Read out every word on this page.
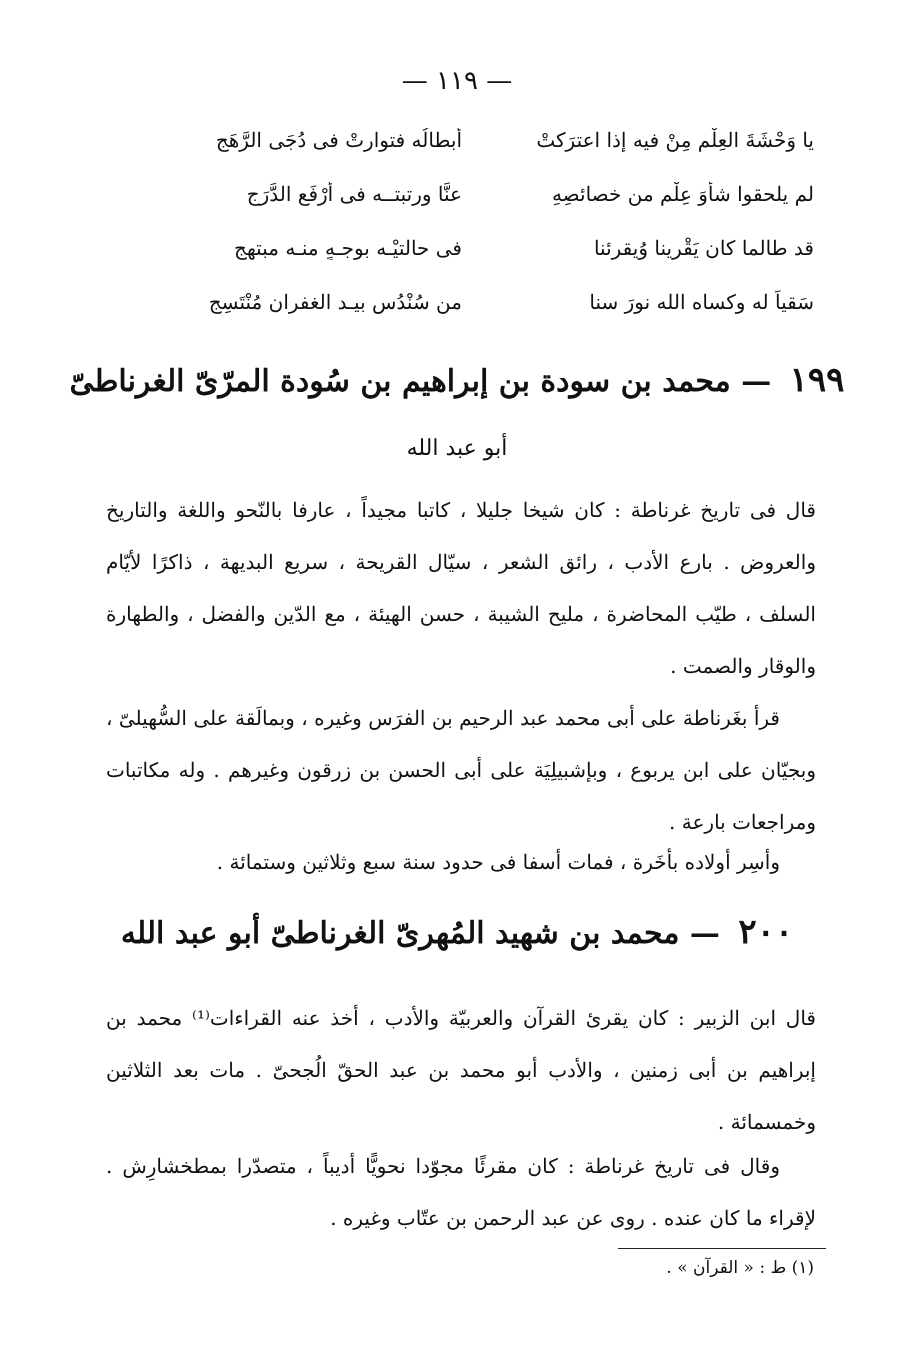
— ١١٩ —
يا وَحْشَةَ العِلْمِ مِنْ فيه إذا اعترَكتْ
أبطالُه فتوارتْ فى دُجَى الرَّهَجِ
لم يلحقوا شأْوَ عِلْمٍ من خصائصِهِ
عنَّا ورتبتــه فى أرْفَعِ الدَّرَجِ
قد طالما كان يَقْرِينا وُيقرئنا
فى حالتيْـه بوجـهٍ منـه مبتهجِ
سَقياً له وكساه الله نورَ سنا
من سُنْدُسٍ بيـد الغفران مُنْتَسِجِ
١٩٩ — محمد بن سودة بن إبراهيم بن سُودة المرّىّ الغرناطىّ
أبو عبد الله
قال فى تاريخ غرناطة : كان شيخا جليلا ، كاتبا مجيداً ، عارفا بالنّحو واللغة والتاريخ والعروض . بارع الأدب ، رائق الشعر ، سيّال القريحة ، سريع البديهة ، ذاكرًا لأيّام السلف ، طيّب المحاضرة ، مليح الشيبة ، حسن الهيئة ، مع الدّين والفضل ، والطهارة والوقار والصمت .
قرأ بغَرناطة على أبى محمد عبد الرحيم بن الفرَس وغيره ، وبمالَقة على السُّهيلىّ ، وبجيّان على ابن يربوع ، وبإشبيلِيَة على أبى الحسن بن زرقون وغيرهم . وله مكاتبات ومراجعات بارعة .
وأسِر أولاده بأخَرة ، فمات أسفا فى حدود سنة سبع وثلاثين وستمائة .
٢٠٠ — محمد بن شهيد المُهرىّ الغرناطىّ أبو عبد الله
قال ابن الزبير : كان يقرئ القرآن والعربيّة والأدب ، أخذ عنه القراءات⁽¹⁾ محمد بن إبراهيم بن أبى زمنين ، والأدب أبو محمد بن عبد الحقّ الُجحىّ . مات بعد الثلاثين وخمسمائة .
وقال فى تاريخ غرناطة : كان مقرئًا مجوّدا نحويًّا أديباً ، متصدّرا بمطخشارِش . لإقراء ما كان عنده . روى عن عبد الرحمن بن عتّاب وغيره .
(١) ط : « القرآن » .
